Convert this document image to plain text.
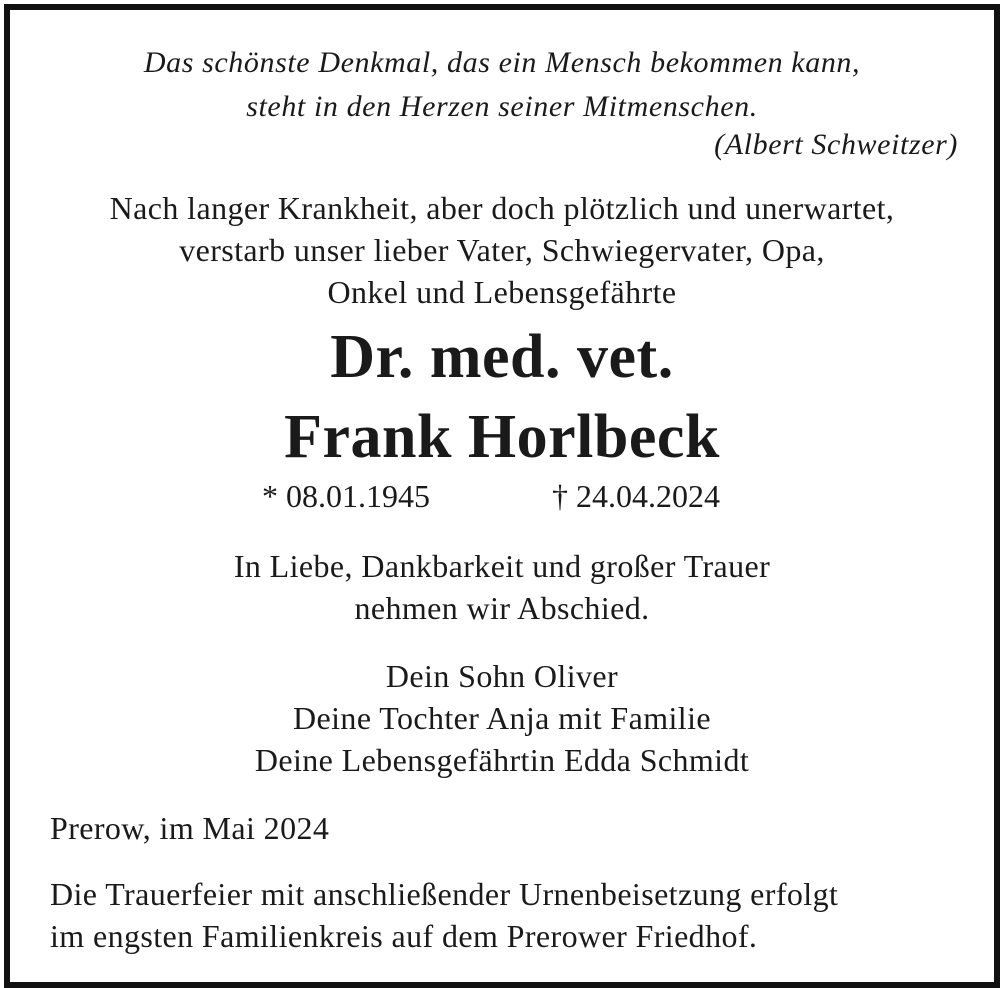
Das schönste Denkmal, das ein Mensch bekommen kann,
steht in den Herzen seiner Mitmenschen.
(Albert Schweitzer)
Nach langer Krankheit, aber doch plötzlich und unerwartet,
verstarb unser lieber Vater, Schwiegervater, Opa,
Onkel und Lebensgefährte
Dr. med. vet.
Frank Horlbeck
* 08.01.1945	† 24.04.2024
In Liebe, Dankbarkeit und großer Trauer
nehmen wir Abschied.
Dein Sohn Oliver
Deine Tochter Anja mit Familie
Deine Lebensgefährtin Edda Schmidt
Prerow, im Mai 2024
Die Trauerfeier mit anschließender Urnenbeisetzung erfolgt
im engsten Familienkreis auf dem Prerower Friedhof.
